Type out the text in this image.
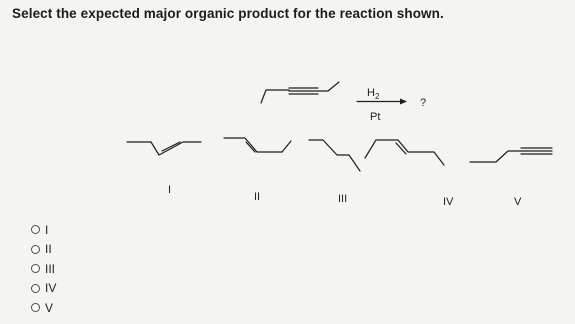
Select the expected major organic product for the reaction shown.
$H_2$
Pt
?
I
II	III	IV	V
I
II
III
IV
V
